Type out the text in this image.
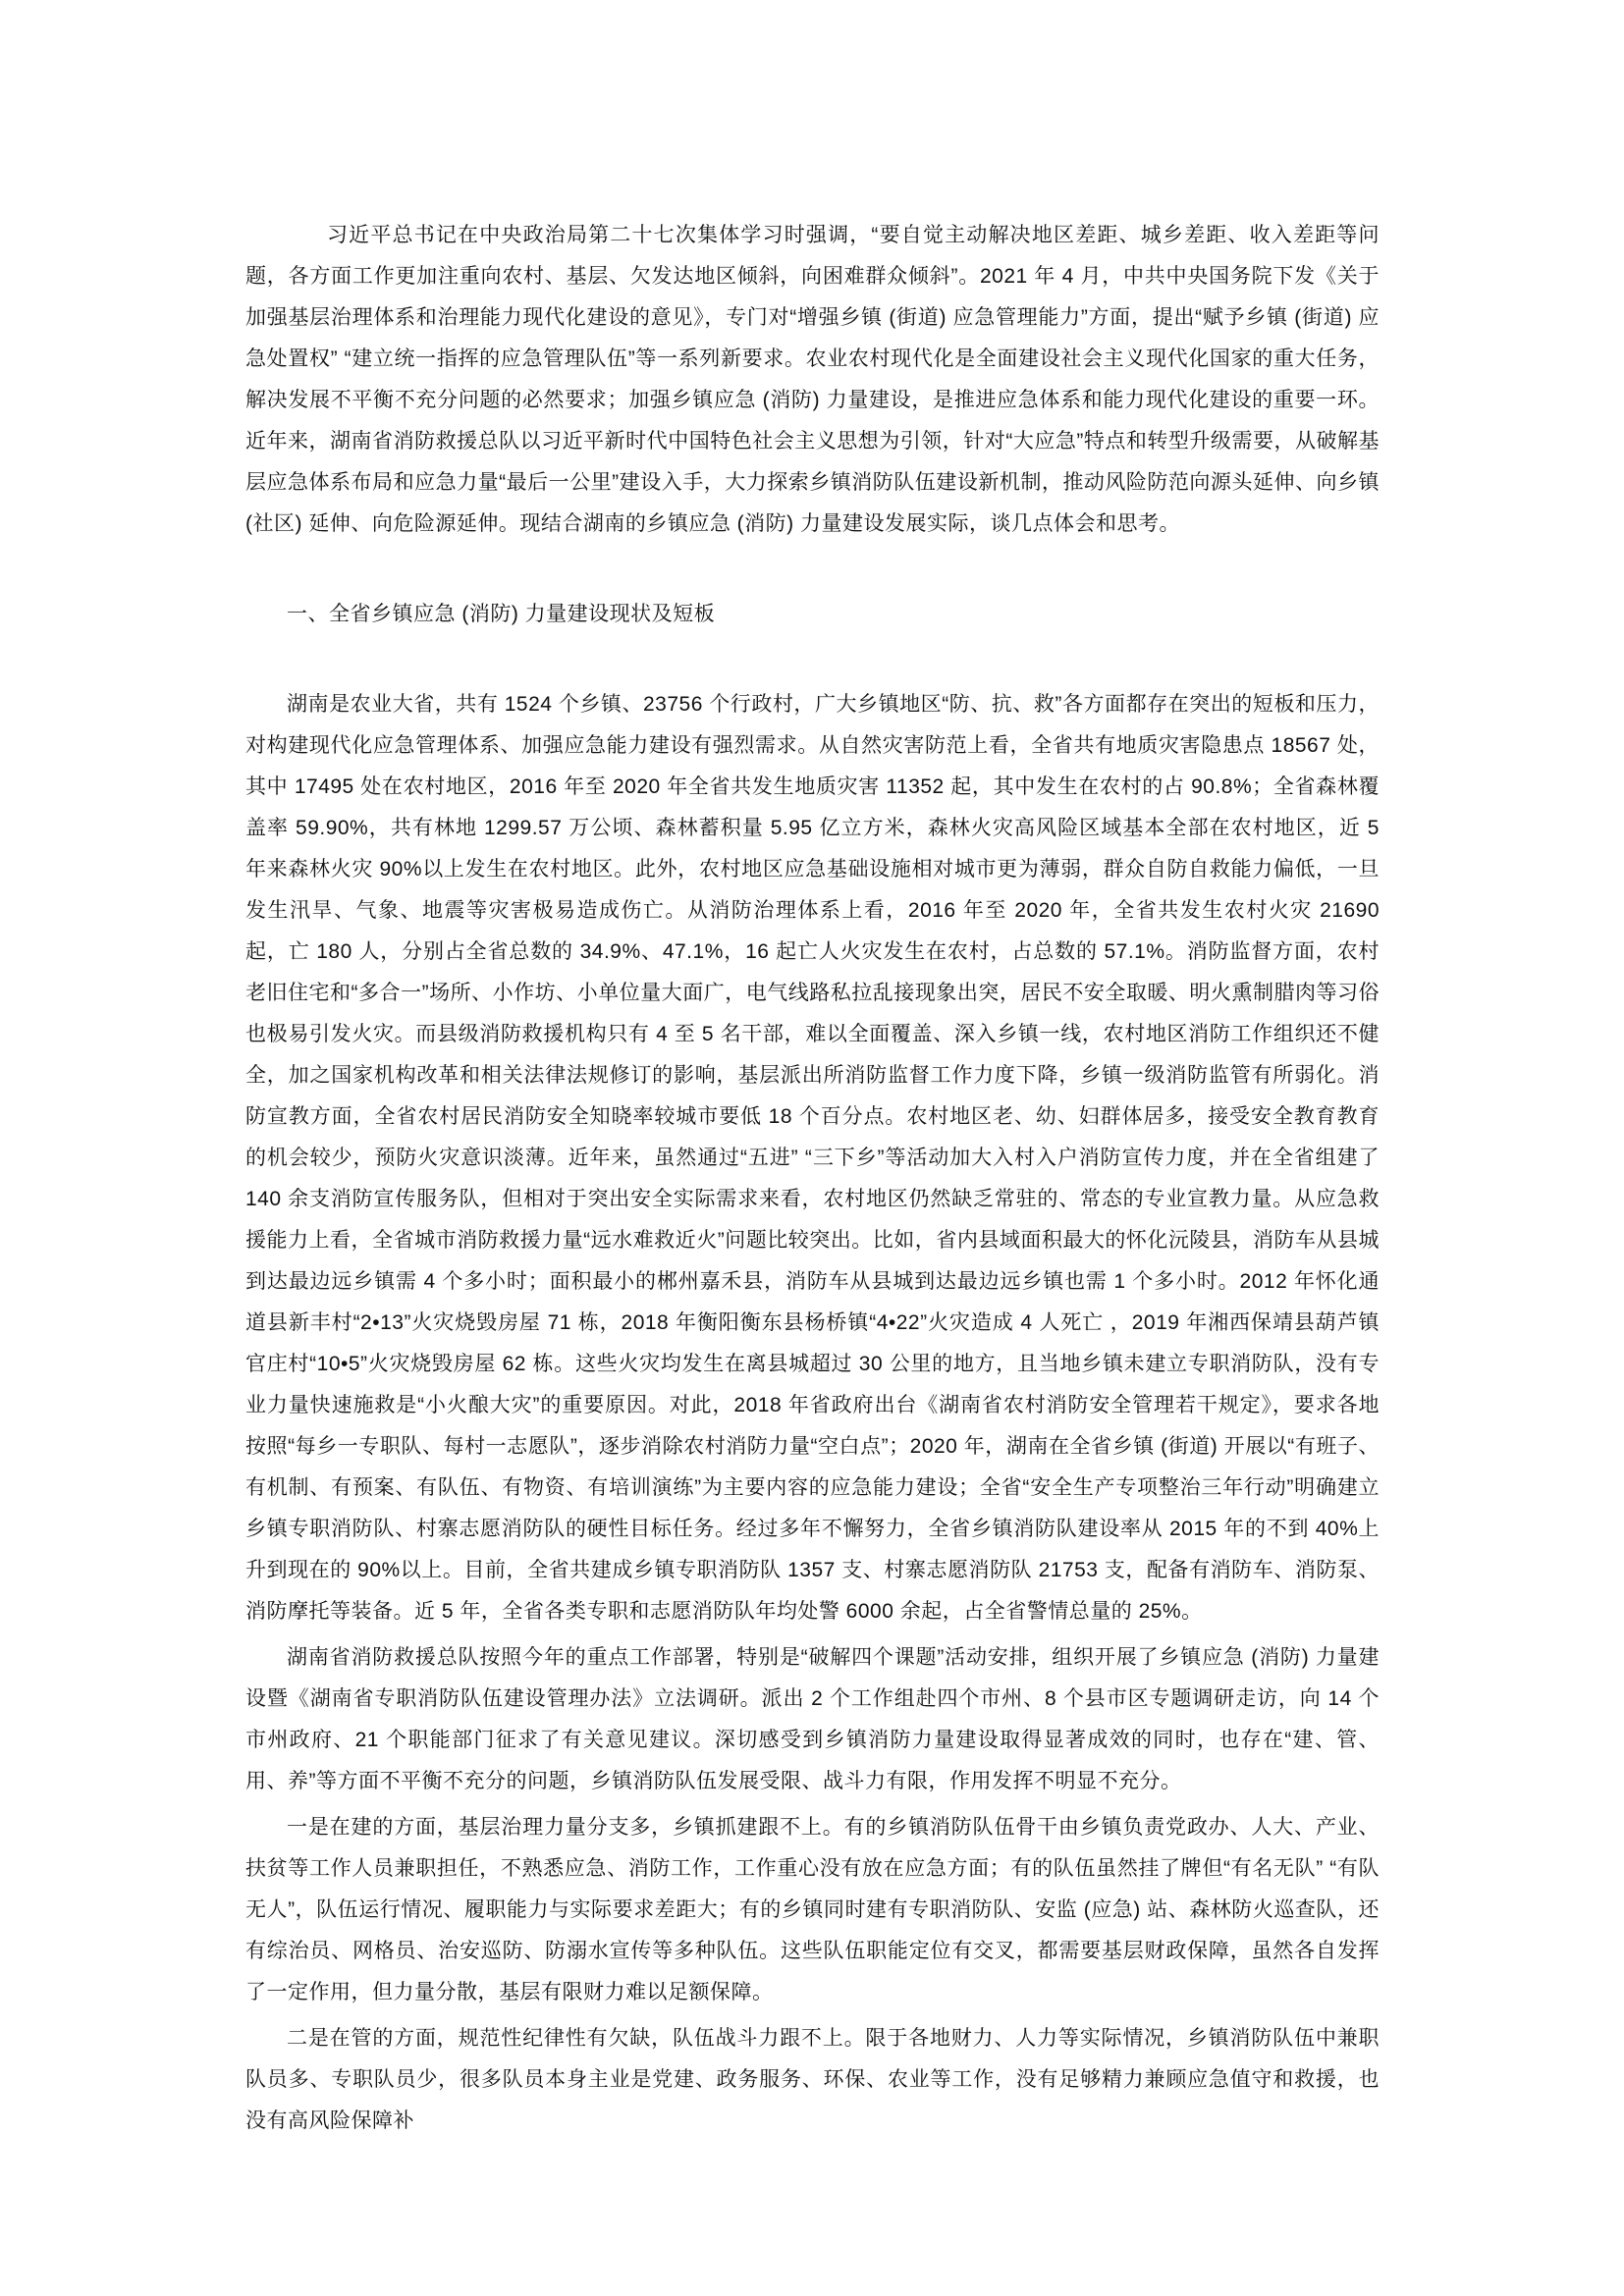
习近平总书记在中央政治局第二十七次集体学习时强调，“要自觉主动解决地区差距、城乡差距、收入差距等问题，各方面工作更加注重向农村、基层、欠发达地区倾斜，向困难群众倾斜”。2021 年 4 月，中共中央国务院下发《关于加强基层治理体系和治理能力现代化建设的意见》，专门对“增强乡镇 (街道) 应急管理能力”方面，提出“赋予乡镇 (街道) 应急处置权” “建立统一指挥的应急管理队伍”等一系列新要求。农业农村现代化是全面建设社会主义现代化国家的重大任务，解决发展不平衡不充分问题的必然要求；加强乡镇应急 (消防) 力量建设，是推进应急体系和能力现代化建设的重要一环。近年来，湖南省消防救援总队以习近平新时代中国特色社会主义思想为引领，针对“大应急”特点和转型升级需要，从破解基层应急体系布局和应急力量“最后一公里”建设入手，大力探索乡镇消防队伍建设新机制，推动风险防范向源头延伸、向乡镇 (社区) 延伸、向危险源延伸。现结合湖南的乡镇应急 (消防) 力量建设发展实际，谈几点体会和思考。

一、全省乡镇应急 (消防) 力量建设现状及短板

湖南是农业大省，共有 1524 个乡镇、23756 个行政村，广大乡镇地区“防、抗、救”各方面都存在突出的短板和压力，对构建现代化应急管理体系、加强应急能力建设有强烈需求。从自然灾害防范上看，全省共有地质灾害隐患点 18567 处，其中 17495 处在农村地区，2016 年至 2020 年全省共发生地质灾害 11352 起，其中发生在农村的占 90.8%；全省森林覆盖率 59.90%，共有林地 1299.57 万公顷、森林蓄积量 5.95 亿立方米，森林火灾高风险区域基本全部在农村地区，近 5 年来森林火灾 90%以上发生在农村地区。此外，农村地区应急基础设施相对城市更为薄弱，群众自防自救能力偏低，一旦发生汛旱、气象、地震等灾害极易造成伤亡。从消防治理体系上看，2016 年至 2020 年，全省共发生农村火灾 21690 起，亡 180 人，分别占全省总数的 34.9%、47.1%，16 起亡人火灾发生在农村，占总数的 57.1%。消防监督方面，农村老旧住宅和“多合一”场所、小作坊、小单位量大面广，电气线路私拉乱接现象出突，居民不安全取暖、明火熏制腊肉等习俗也极易引发火灾。而县级消防救援机构只有 4 至 5 名干部，难以全面覆盖、深入乡镇一线，农村地区消防工作组织还不健全，加之国家机构改革和相关法律法规修订的影响，基层派出所消防监督工作力度下降，乡镇一级消防监管有所弱化。消防宣教方面，全省农村居民消防安全知晓率较城市要低 18 个百分点。农村地区老、幼、妇群体居多，接受安全教育教育的机会较少，预防火灾意识淡薄。近年来，虽然通过“五进” “三下乡”等活动加大入村入户消防宣传力度，并在全省组建了 140 余支消防宣传服务队，但相对于突出安全实际需求来看，农村地区仍然缺乏常驻的、常态的专业宣教力量。从应急救援能力上看，全省城市消防救援力量“远水难救近火”问题比较突出。比如，省内县域面积最大的怀化沅陵县，消防车从县城到达最边远乡镇需 4 个多小时；面积最小的郴州嘉禾县，消防车从县城到达最边远乡镇也需 1 个多小时。2012 年怀化通道县新丰村“2•13”火灾烧毁房屋 71 栋，2018 年衡阳衡东县杨桥镇“4•22”火灾造成 4 人死亡 ，2019 年湘西保靖县葫芦镇官庄村“10•5”火灾烧毁房屋 62 栋。这些火灾均发生在离县城超过 30 公里的地方，且当地乡镇未建立专职消防队，没有专业力量快速施救是“小火酿大灾”的重要原因。对此，2018 年省政府出台《湖南省农村消防安全管理若干规定》，要求各地按照“每乡一专职队、每村一志愿队”，逐步消除农村消防力量“空白点”；2020 年，湖南在全省乡镇 (街道) 开展以“有班子、有机制、有预案、有队伍、有物资、有培训演练”为主要内容的应急能力建设；全省“安全生产专项整治三年行动”明确建立乡镇专职消防队、村寨志愿消防队的硬性目标任务。经过多年不懈努力，全省乡镇消防队建设率从 2015 年的不到 40%上升到现在的 90%以上。目前，全省共建成乡镇专职消防队 1357 支、村寨志愿消防队 21753 支，配备有消防车、消防泵、消防摩托等装备。近 5 年，全省各类专职和志愿消防队年均处警 6000 余起，占全省警情总量的 25%。

湖南省消防救援总队按照今年的重点工作部署，特别是“破解四个课题”活动安排，组织开展了乡镇应急 (消防) 力量建设暨《湖南省专职消防队伍建设管理办法》立法调研。派出 2 个工作组赴四个市州、8 个县市区专题调研走访，向 14 个市州政府、21 个职能部门征求了有关意见建议。深切感受到乡镇消防力量建设取得显著成效的同时，也存在“建、管、用、养”等方面不平衡不充分的问题，乡镇消防队伍发展受限、战斗力有限，作用发挥不明显不充分。

一是在建的方面，基层治理力量分支多，乡镇抓建跟不上。有的乡镇消防队伍骨干由乡镇负责党政办、人大、产业、扶贫等工作人员兼职担任，不熟悉应急、消防工作，工作重心没有放在应急方面；有的队伍虽然挂了牌但“有名无队” “有队无人”，队伍运行情况、履职能力与实际要求差距大；有的乡镇同时建有专职消防队、安监 (应急) 站、森林防火巡查队，还有综治员、网格员、治安巡防、防溺水宣传等多种队伍。这些队伍职能定位有交叉，都需要基层财政保障，虽然各自发挥了一定作用，但力量分散，基层有限财力难以足额保障。

二是在管的方面，规范性纪律性有欠缺，队伍战斗力跟不上。限于各地财力、人力等实际情况，乡镇消防队伍中兼职队员多、专职队员少，很多队员本身主业是党建、政务服务、环保、农业等工作，没有足够精力兼顾应急值守和救援，也没有高风险保障补
